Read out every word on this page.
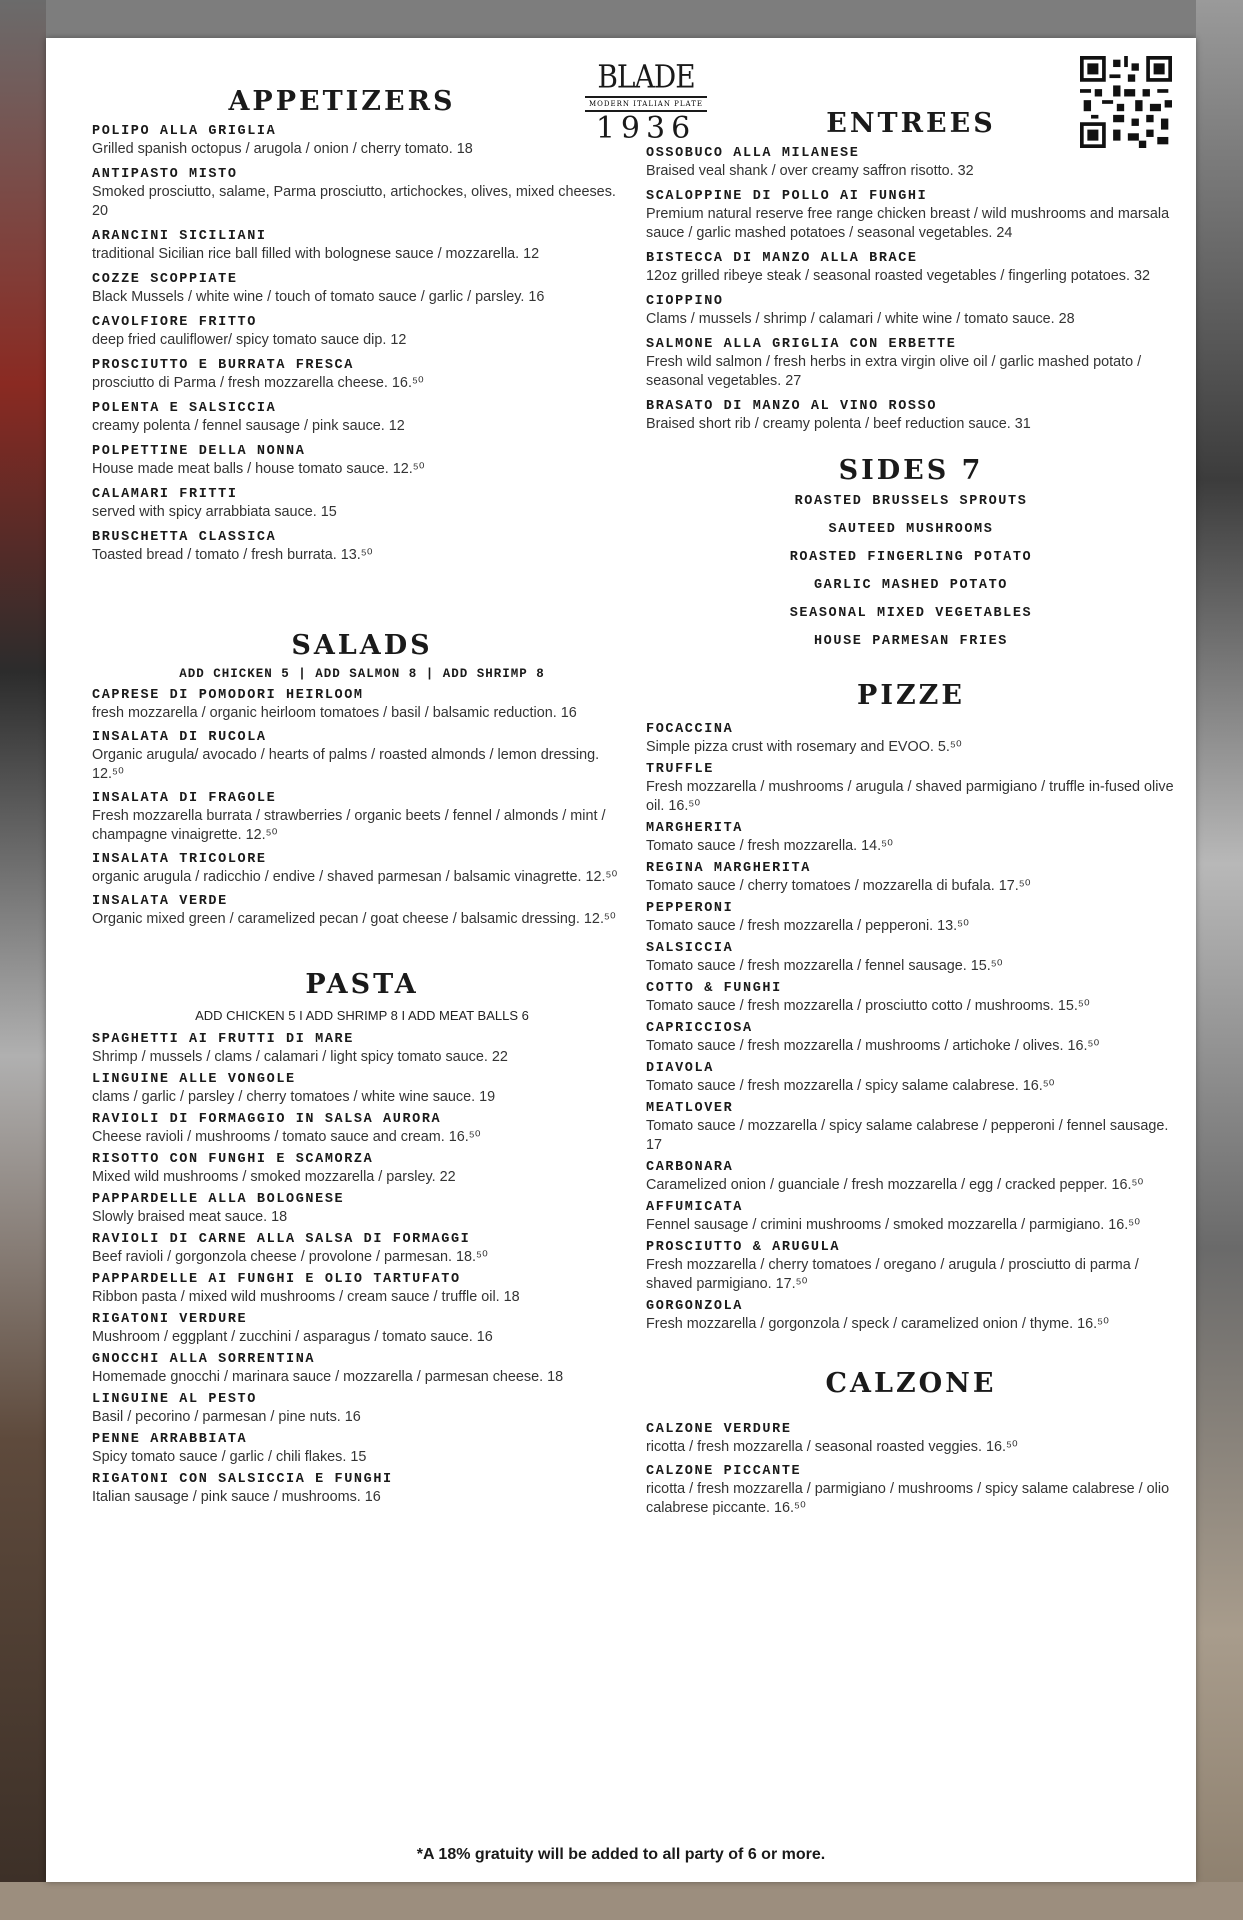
BLADE
MODERN ITALIAN PLATE
1936
APPETIZERS
POLIPO ALLA GRIGLIA
Grilled spanish octopus / arugola / onion / cherry tomato. 18
ANTIPASTO MISTO
Smoked prosciutto, salame, Parma prosciutto, artichockes, olives, mixed cheeses. 20
ARANCINI SICILIANI
traditional Sicilian rice ball filled with bolognese sauce / mozzarella. 12
COZZE SCOPPIATE
Black Mussels / white wine / touch of tomato sauce / garlic / parsley. 16
CAVOLFIORE FRITTO
deep fried cauliflower/ spicy tomato sauce dip. 12
PROSCIUTTO E BURRATA FRESCA
prosciutto di Parma / fresh mozzarella cheese. 16.⁵⁰
POLENTA E SALSICCIA
creamy polenta / fennel sausage / pink sauce. 12
POLPETTINE DELLA NONNA
House made meat balls / house tomato sauce. 12.⁵⁰
CALAMARI FRITTI
served with spicy arrabbiata sauce. 15
BRUSCHETTA CLASSICA
Toasted bread / tomato / fresh burrata. 13.⁵⁰
SALADS
ADD CHICKEN 5 | ADD SALMON 8 | ADD SHRIMP 8
CAPRESE DI POMODORI HEIRLOOM
fresh mozzarella / organic heirloom tomatoes / basil / balsamic reduction. 16
INSALATA DI RUCOLA
Organic arugula/ avocado / hearts of palms / roasted almonds / lemon dressing. 12.⁵⁰
INSALATA DI FRAGOLE
Fresh mozzarella burrata / strawberries / organic beets / fennel / almonds / mint / champagne vinaigrette. 12.⁵⁰
INSALATA TRICOLORE
organic arugula / radicchio / endive / shaved parmesan / balsamic vinagrette. 12.⁵⁰
INSALATA VERDE
Organic mixed green / caramelized pecan / goat cheese / balsamic dressing. 12.⁵⁰
PASTA
ADD CHICKEN 5 I ADD SHRIMP 8 I ADD MEAT BALLS 6
SPAGHETTI AI FRUTTI DI MARE
Shrimp / mussels / clams / calamari / light spicy tomato sauce. 22
LINGUINE ALLE VONGOLE
clams / garlic / parsley / cherry tomatoes / white wine sauce. 19
RAVIOLI DI FORMAGGIO IN SALSA AURORA
Cheese ravioli / mushrooms / tomato sauce and cream. 16.⁵⁰
RISOTTO CON FUNGHI E SCAMORZA
Mixed wild mushrooms / smoked mozzarella / parsley. 22
PAPPARDELLE ALLA BOLOGNESE
Slowly braised meat sauce. 18
RAVIOLI DI CARNE ALLA SALSA DI FORMAGGI
Beef ravioli / gorgonzola cheese / provolone / parmesan. 18.⁵⁰
PAPPARDELLE AI FUNGHI E OLIO TARTUFATO
Ribbon pasta / mixed wild mushrooms / cream sauce / truffle oil. 18
RIGATONI VERDURE
Mushroom / eggplant / zucchini / asparagus / tomato sauce. 16
GNOCCHI ALLA SORRENTINA
Homemade gnocchi / marinara sauce / mozzarella / parmesan cheese. 18
LINGUINE AL PESTO
Basil / pecorino / parmesan / pine nuts. 16
PENNE ARRABBIATA
Spicy tomato sauce / garlic / chili flakes. 15
RIGATONI CON SALSICCIA E FUNGHI
Italian sausage / pink sauce / mushrooms. 16
ENTREES
OSSOBUCO ALLA MILANESE
Braised veal shank / over creamy saffron risotto. 32
SCALOPPINE DI POLLO AI FUNGHI
Premium natural reserve free range chicken breast / wild mushrooms and marsala sauce / garlic mashed potatoes / seasonal vegetables. 24
BISTECCA DI MANZO ALLA BRACE
12oz grilled ribeye steak / seasonal roasted vegetables / fingerling potatoes. 32
CIOPPINO
Clams / mussels / shrimp / calamari / white wine / tomato sauce. 28
SALMONE ALLA GRIGLIA CON ERBETTE
Fresh wild salmon / fresh herbs in extra virgin olive oil / garlic mashed potato / seasonal vegetables. 27
BRASATO DI MANZO AL VINO ROSSO
Braised short rib / creamy polenta / beef reduction sauce. 31
SIDES 7
ROASTED BRUSSELS SPROUTS
SAUTEED MUSHROOMS
ROASTED FINGERLING POTATO
GARLIC MASHED POTATO
SEASONAL MIXED VEGETABLES
HOUSE PARMESAN FRIES
PIZZE
FOCACCINA
Simple pizza crust with rosemary and EVOO. 5.⁵⁰
TRUFFLE
Fresh mozzarella / mushrooms / arugula / shaved parmigiano / truffle in-fused olive oil. 16.⁵⁰
MARGHERITA
Tomato sauce / fresh mozzarella. 14.⁵⁰
REGINA MARGHERITA
Tomato sauce / cherry tomatoes / mozzarella di bufala. 17.⁵⁰
PEPPERONI
Tomato sauce / fresh mozzarella / pepperoni. 13.⁵⁰
SALSICCIA
Tomato sauce / fresh mozzarella / fennel sausage. 15.⁵⁰
COTTO & FUNGHI
Tomato sauce / fresh mozzarella / prosciutto cotto / mushrooms. 15.⁵⁰
CAPRICCIOSA
Tomato sauce / fresh mozzarella / mushrooms / artichoke / olives. 16.⁵⁰
DIAVOLA
Tomato sauce / fresh mozzarella / spicy salame calabrese. 16.⁵⁰
MEATLOVER
Tomato sauce / mozzarella / spicy salame calabrese / pepperoni / fennel sausage. 17
CARBONARA
Caramelized onion / guanciale / fresh mozzarella / egg / cracked pepper. 16.⁵⁰
AFFUMICATA
Fennel sausage / crimini mushrooms / smoked mozzarella / parmigiano. 16.⁵⁰
PROSCIUTTO & ARUGULA
Fresh mozzarella / cherry tomatoes / oregano / arugula / prosciutto di parma / shaved parmigiano. 17.⁵⁰
GORGONZOLA
Fresh mozzarella / gorgonzola / speck / caramelized onion / thyme. 16.⁵⁰
CALZONE
CALZONE VERDURE
ricotta / fresh mozzarella / seasonal roasted veggies. 16.⁵⁰
CALZONE PICCANTE
ricotta / fresh mozzarella / parmigiano / mushrooms / spicy salame calabrese / olio calabrese piccante. 16.⁵⁰
*A 18% gratuity will be added to all party of 6 or more.
